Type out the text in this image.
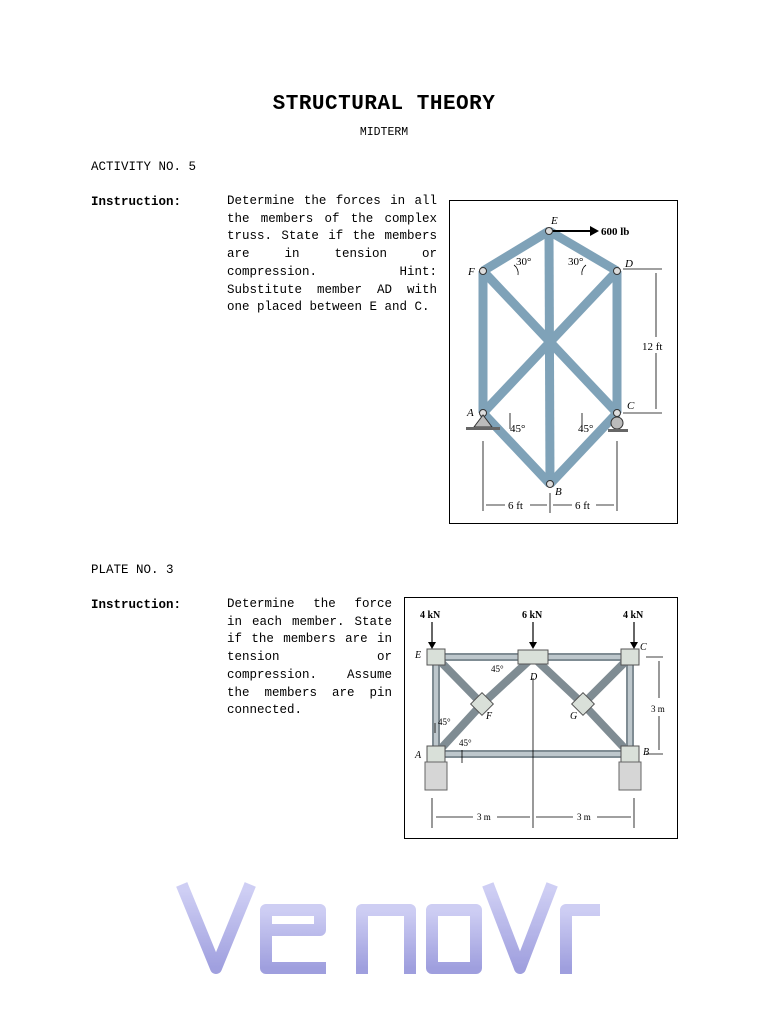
STRUCTURAL THEORY
MIDTERM
ACTIVITY NO. 5
Instruction:	Determine the forces in all the members of the complex truss. State if the members are in tension or compression. Hint: Substitute member AD with one placed between E and C.
E
F
D
A
C
B
600 lb
30°	30°
45°	45°
12 ft
6 ft	6 ft
PLATE NO. 3
Instruction:	Determine the force in each member. State if the members are in tension or compression. Assume the members are pin connected.
4 kN	6 kN	4 kN
E
C
D
F	G
A	B
45°
45°
45°
3 m
3 m	3 m
